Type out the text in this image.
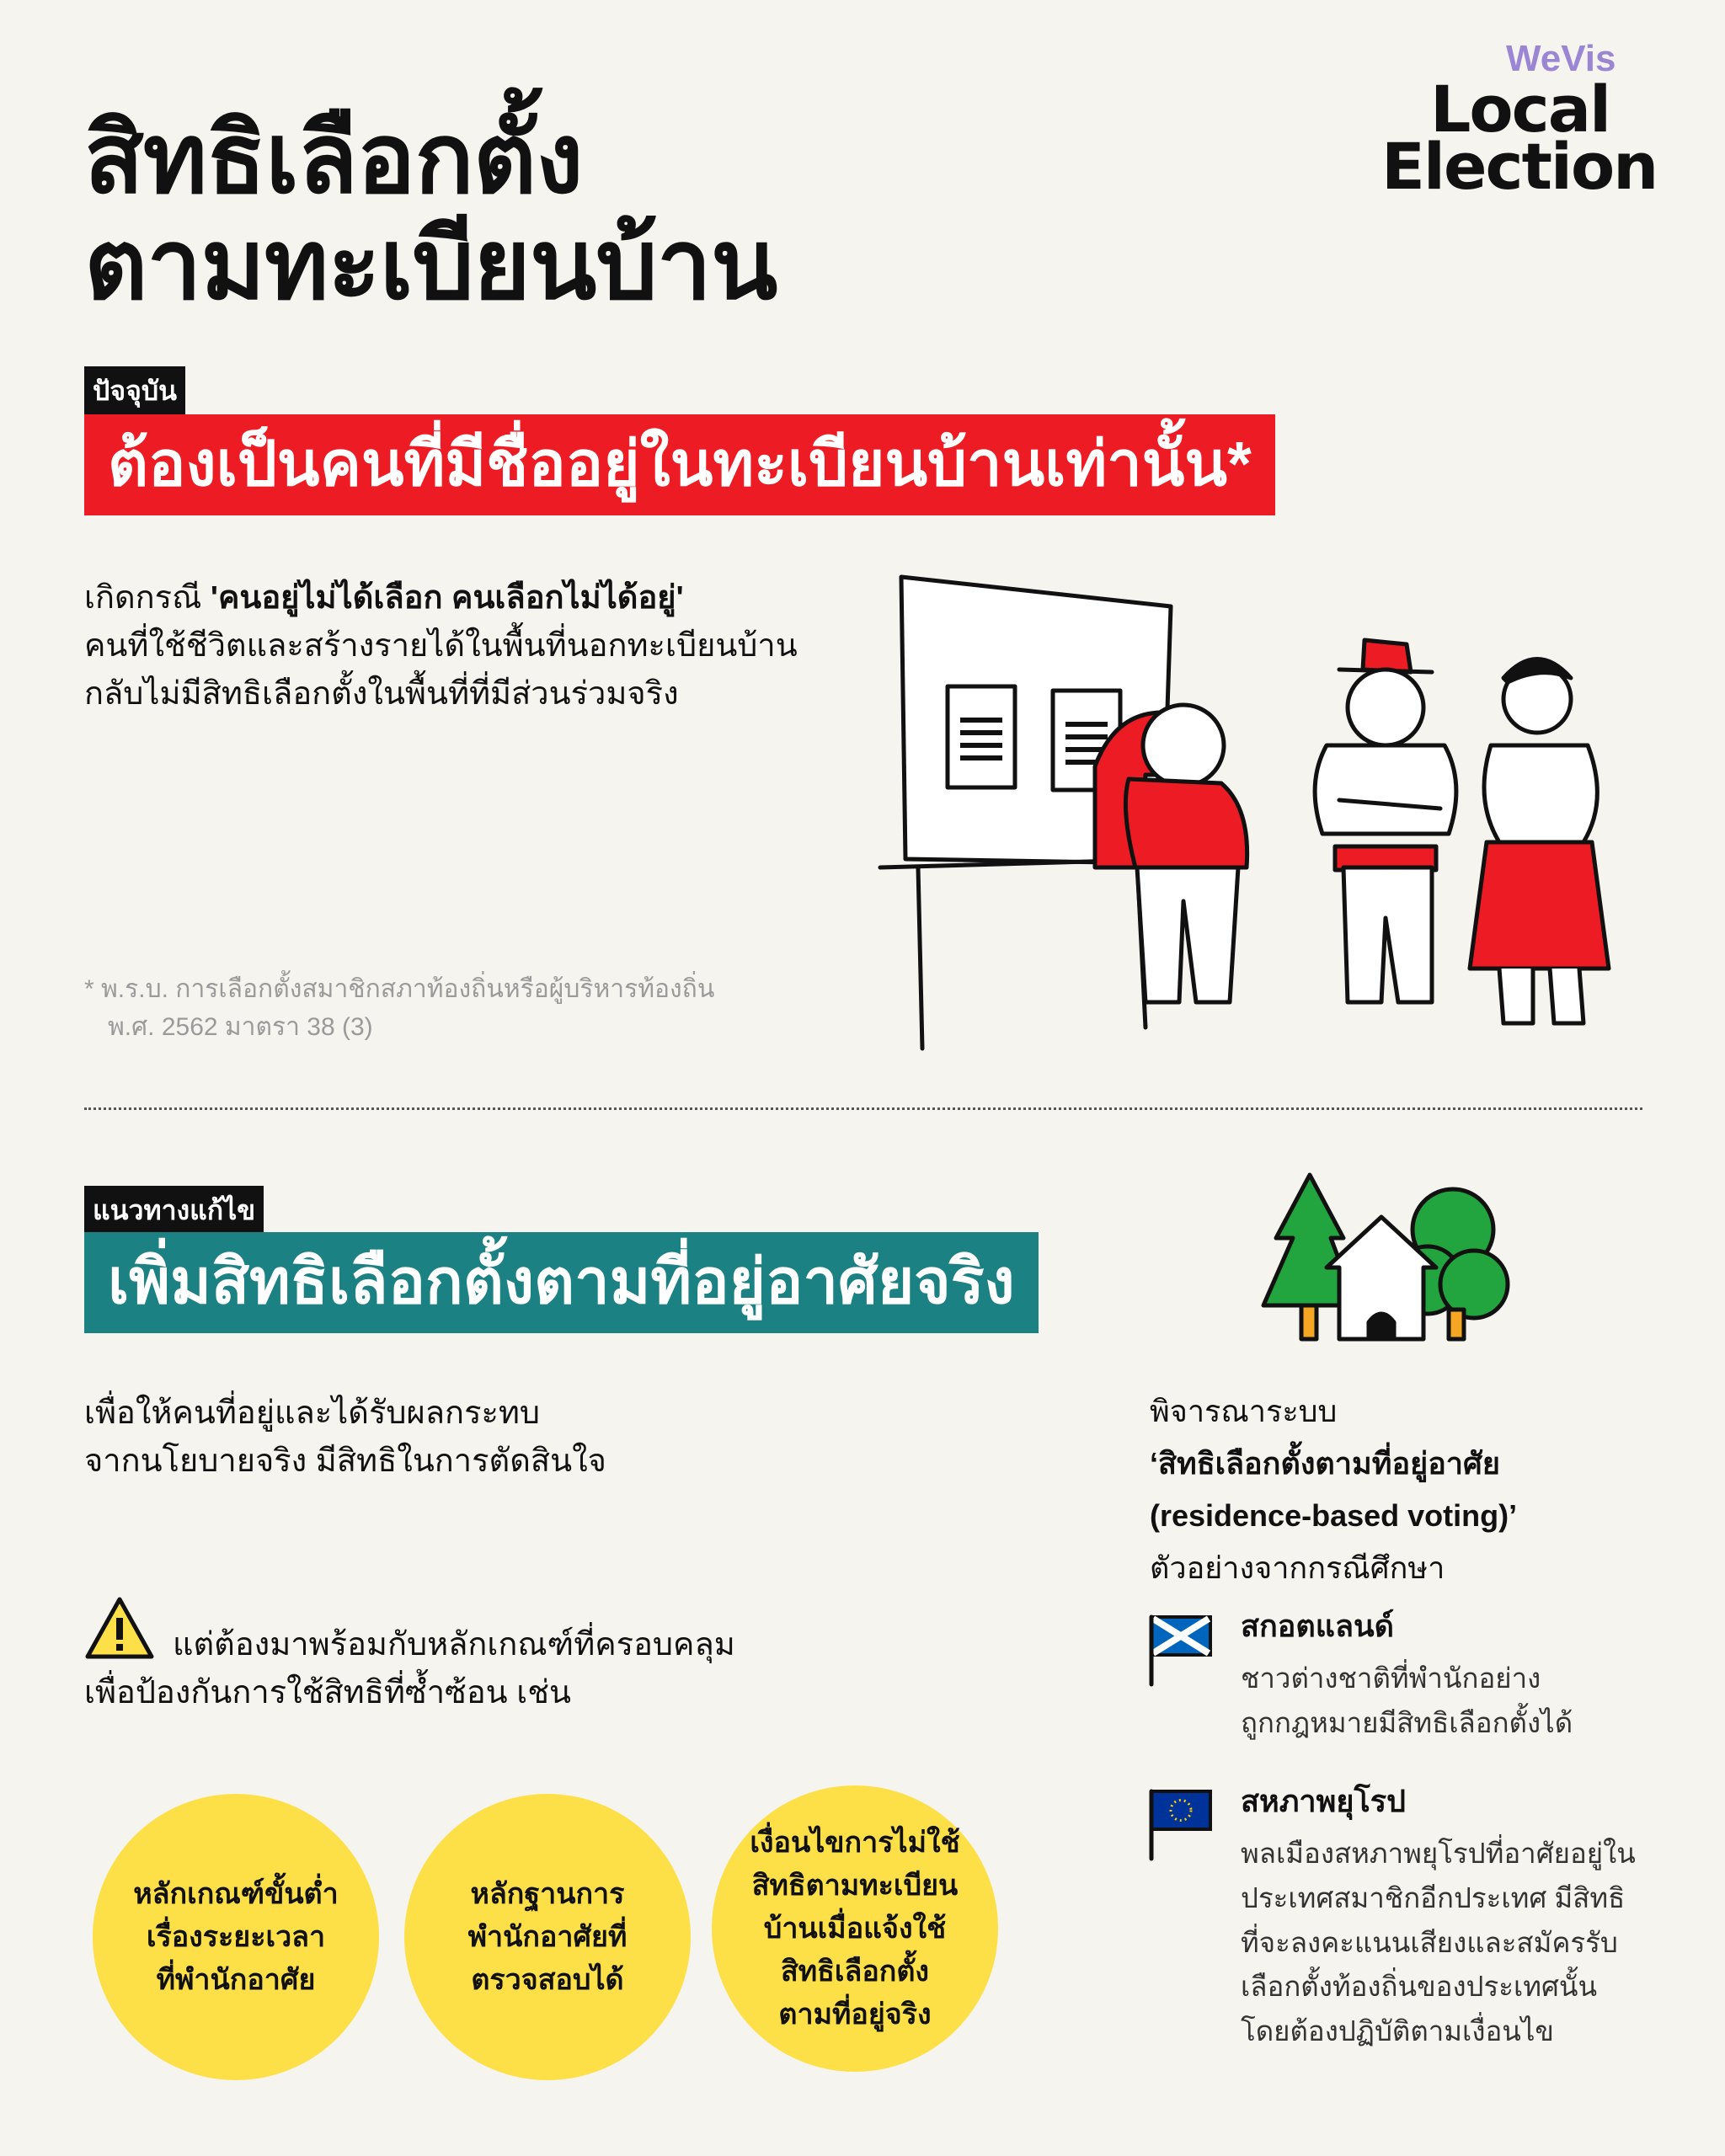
สิทธิเลือกตั้ง
ตามทะเบียนบ้าน
WeVis
Local
Election
ปัจจุบัน
ต้องเป็นคนที่มีชื่ออยู่ในทะเบียนบ้านเท่านั้น*
เกิดกรณี 'คนอยู่ไม่ได้เลือก คนเลือกไม่ได้อยู่'
คนที่ใช้ชีวิตและสร้างรายได้ในพื้นที่นอกทะเบียนบ้าน
กลับไม่มีสิทธิเลือกตั้งในพื้นที่ที่มีส่วนร่วมจริง
* พ.ร.บ. การเลือกตั้งสมาชิกสภาท้องถิ่นหรือผู้บริหารท้องถิ่น
พ.ศ. 2562 มาตรา 38 (3)
แนวทางแก้ไข
เพิ่มสิทธิเลือกตั้งตามที่อยู่อาศัยจริง
เพื่อให้คนที่อยู่และได้รับผลกระทบ
จากนโยบายจริง มีสิทธิในการตัดสินใจ
แต่ต้องมาพร้อมกับหลักเกณฑ์ที่ครอบคลุม
เพื่อป้องกันการใช้สิทธิที่ซ้ำซ้อน เช่น
หลักเกณฑ์ขั้นต่ำ
เรื่องระยะเวลา
ที่พำนักอาศัย
หลักฐานการ
พำนักอาศัยที่
ตรวจสอบได้
เงื่อนไขการไม่ใช้
สิทธิตามทะเบียน
บ้านเมื่อแจ้งใช้
สิทธิเลือกตั้ง
ตามที่อยู่จริง
พิจารณาระบบ
‘สิทธิเลือกตั้งตามที่อยู่อาศัย
(residence-based voting)’
ตัวอย่างจากกรณีศึกษา
สกอตแลนด์
ชาวต่างชาติที่พำนักอย่าง
ถูกกฎหมายมีสิทธิเลือกตั้งได้
สหภาพยุโรป
พลเมืองสหภาพยุโรปที่อาศัยอยู่ใน
ประเทศสมาชิกอีกประเทศ มีสิทธิ
ที่จะลงคะแนนเสียงและสมัครรับ
เลือกตั้งท้องถิ่นของประเทศนั้น
โดยต้องปฏิบัติตามเงื่อนไข
